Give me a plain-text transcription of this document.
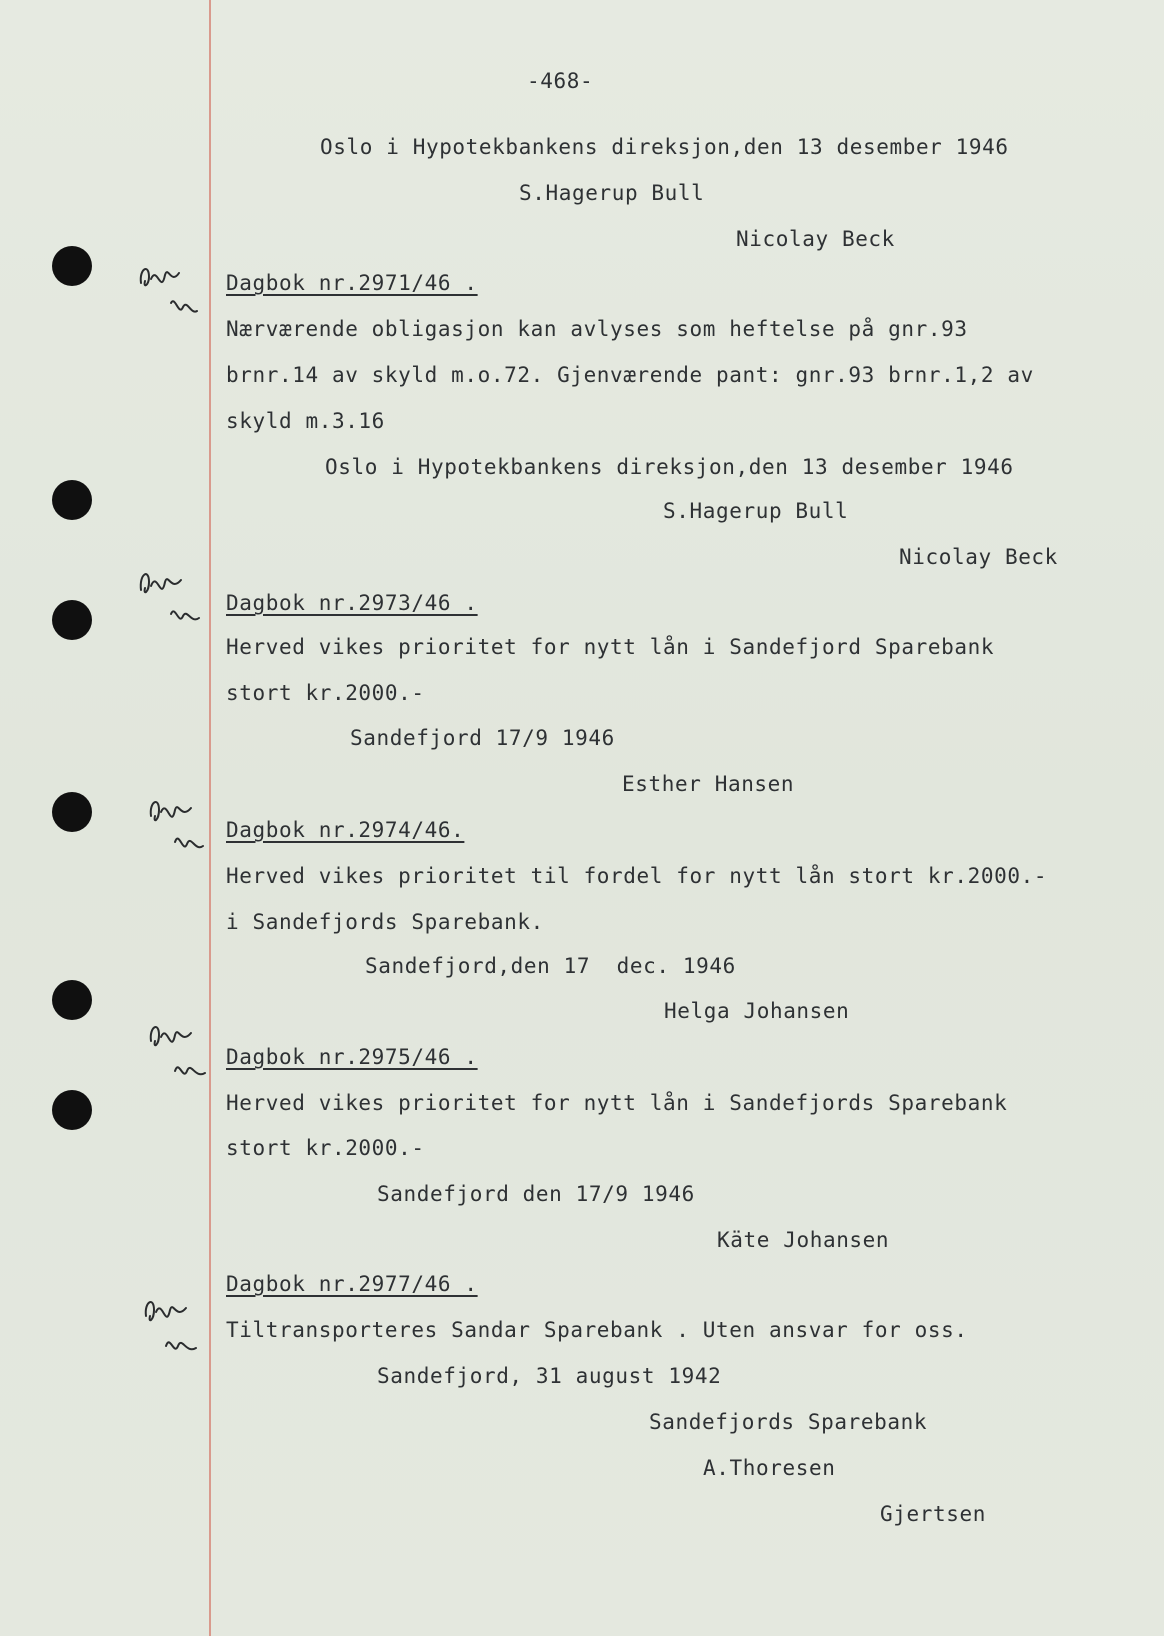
-468-
Oslo i Hypotekbankens direksjon,den 13 desember 1946
S.Hagerup Bull
Nicolay Beck
Dagbok nr.2971/46 .
Nærværende obligasjon kan avlyses som heftelse på gnr.93
brnr.14 av skyld m.o.72. Gjenværende pant: gnr.93 brnr.1,2 av
skyld m.3.16
Oslo i Hypotekbankens direksjon,den 13 desember 1946
S.Hagerup Bull
Nicolay Beck
Dagbok nr.2973/46 .
Herved vikes prioritet for nytt lån i Sandefjord Sparebank
stort kr.2000.-
Sandefjord 17/9 1946
Esther Hansen
Dagbok nr.2974/46.
Herved vikes prioritet til fordel for nytt lån stort kr.2000.-
i Sandefjords Sparebank.
Sandefjord,den 17  dec. 1946
Helga Johansen
Dagbok nr.2975/46 .
Herved vikes prioritet for nytt lån i Sandefjords Sparebank
stort kr.2000.-
Sandefjord den 17/9 1946
Käte Johansen
Dagbok nr.2977/46 .
Tiltransporteres Sandar Sparebank . Uten ansvar for oss.
Sandefjord, 31 august 1942
Sandefjords Sparebank
A.Thoresen
Gjertsen
